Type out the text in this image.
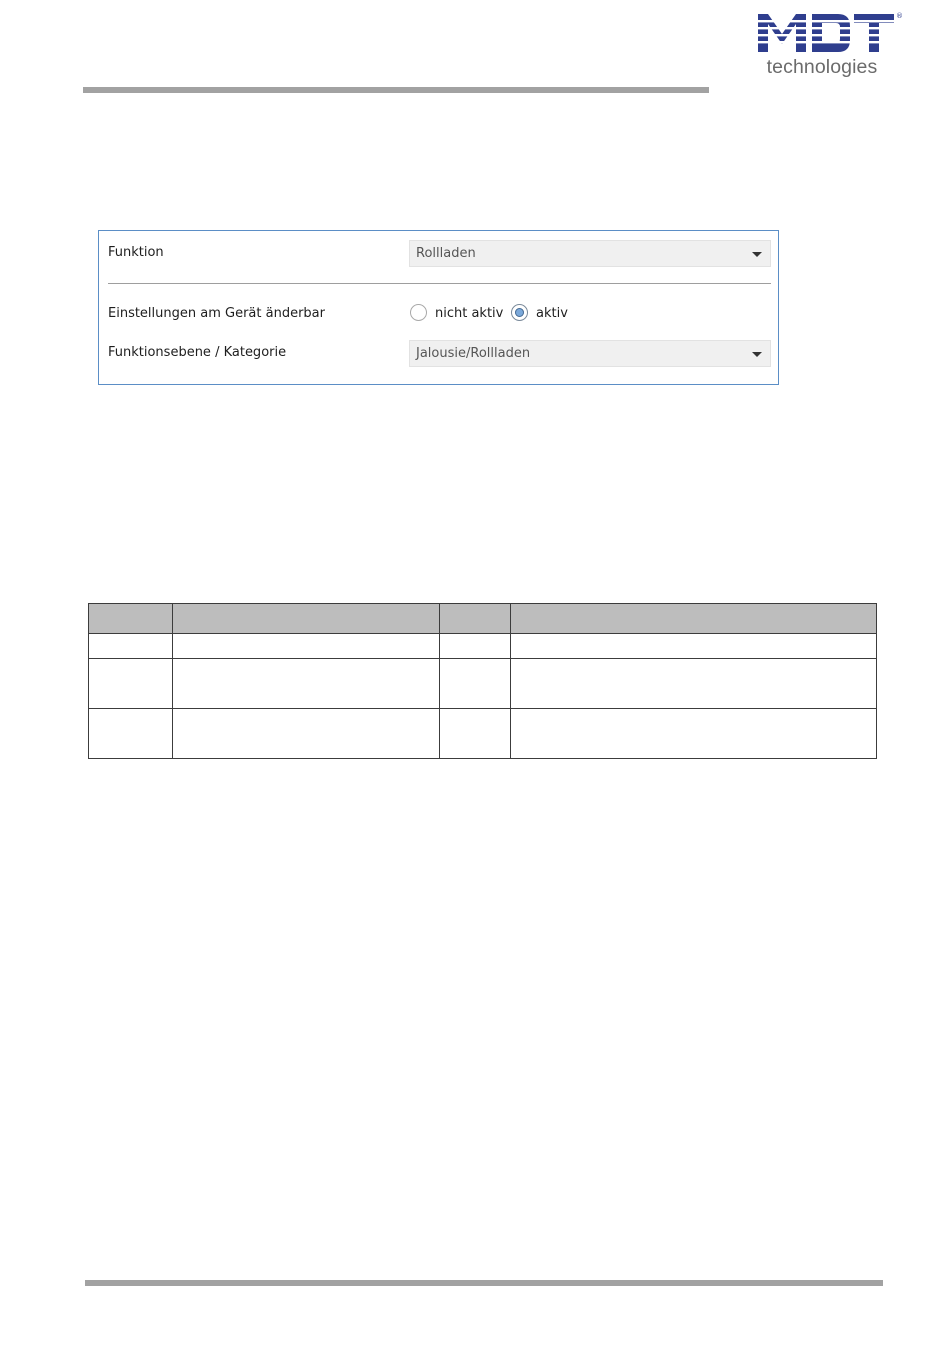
®
technologies
Funktion	Rollladen
Einstellungen am Gerät änderbar	nicht aktiv	aktiv
Funktionsebene / Kategorie	Jalousie/Rollladen
